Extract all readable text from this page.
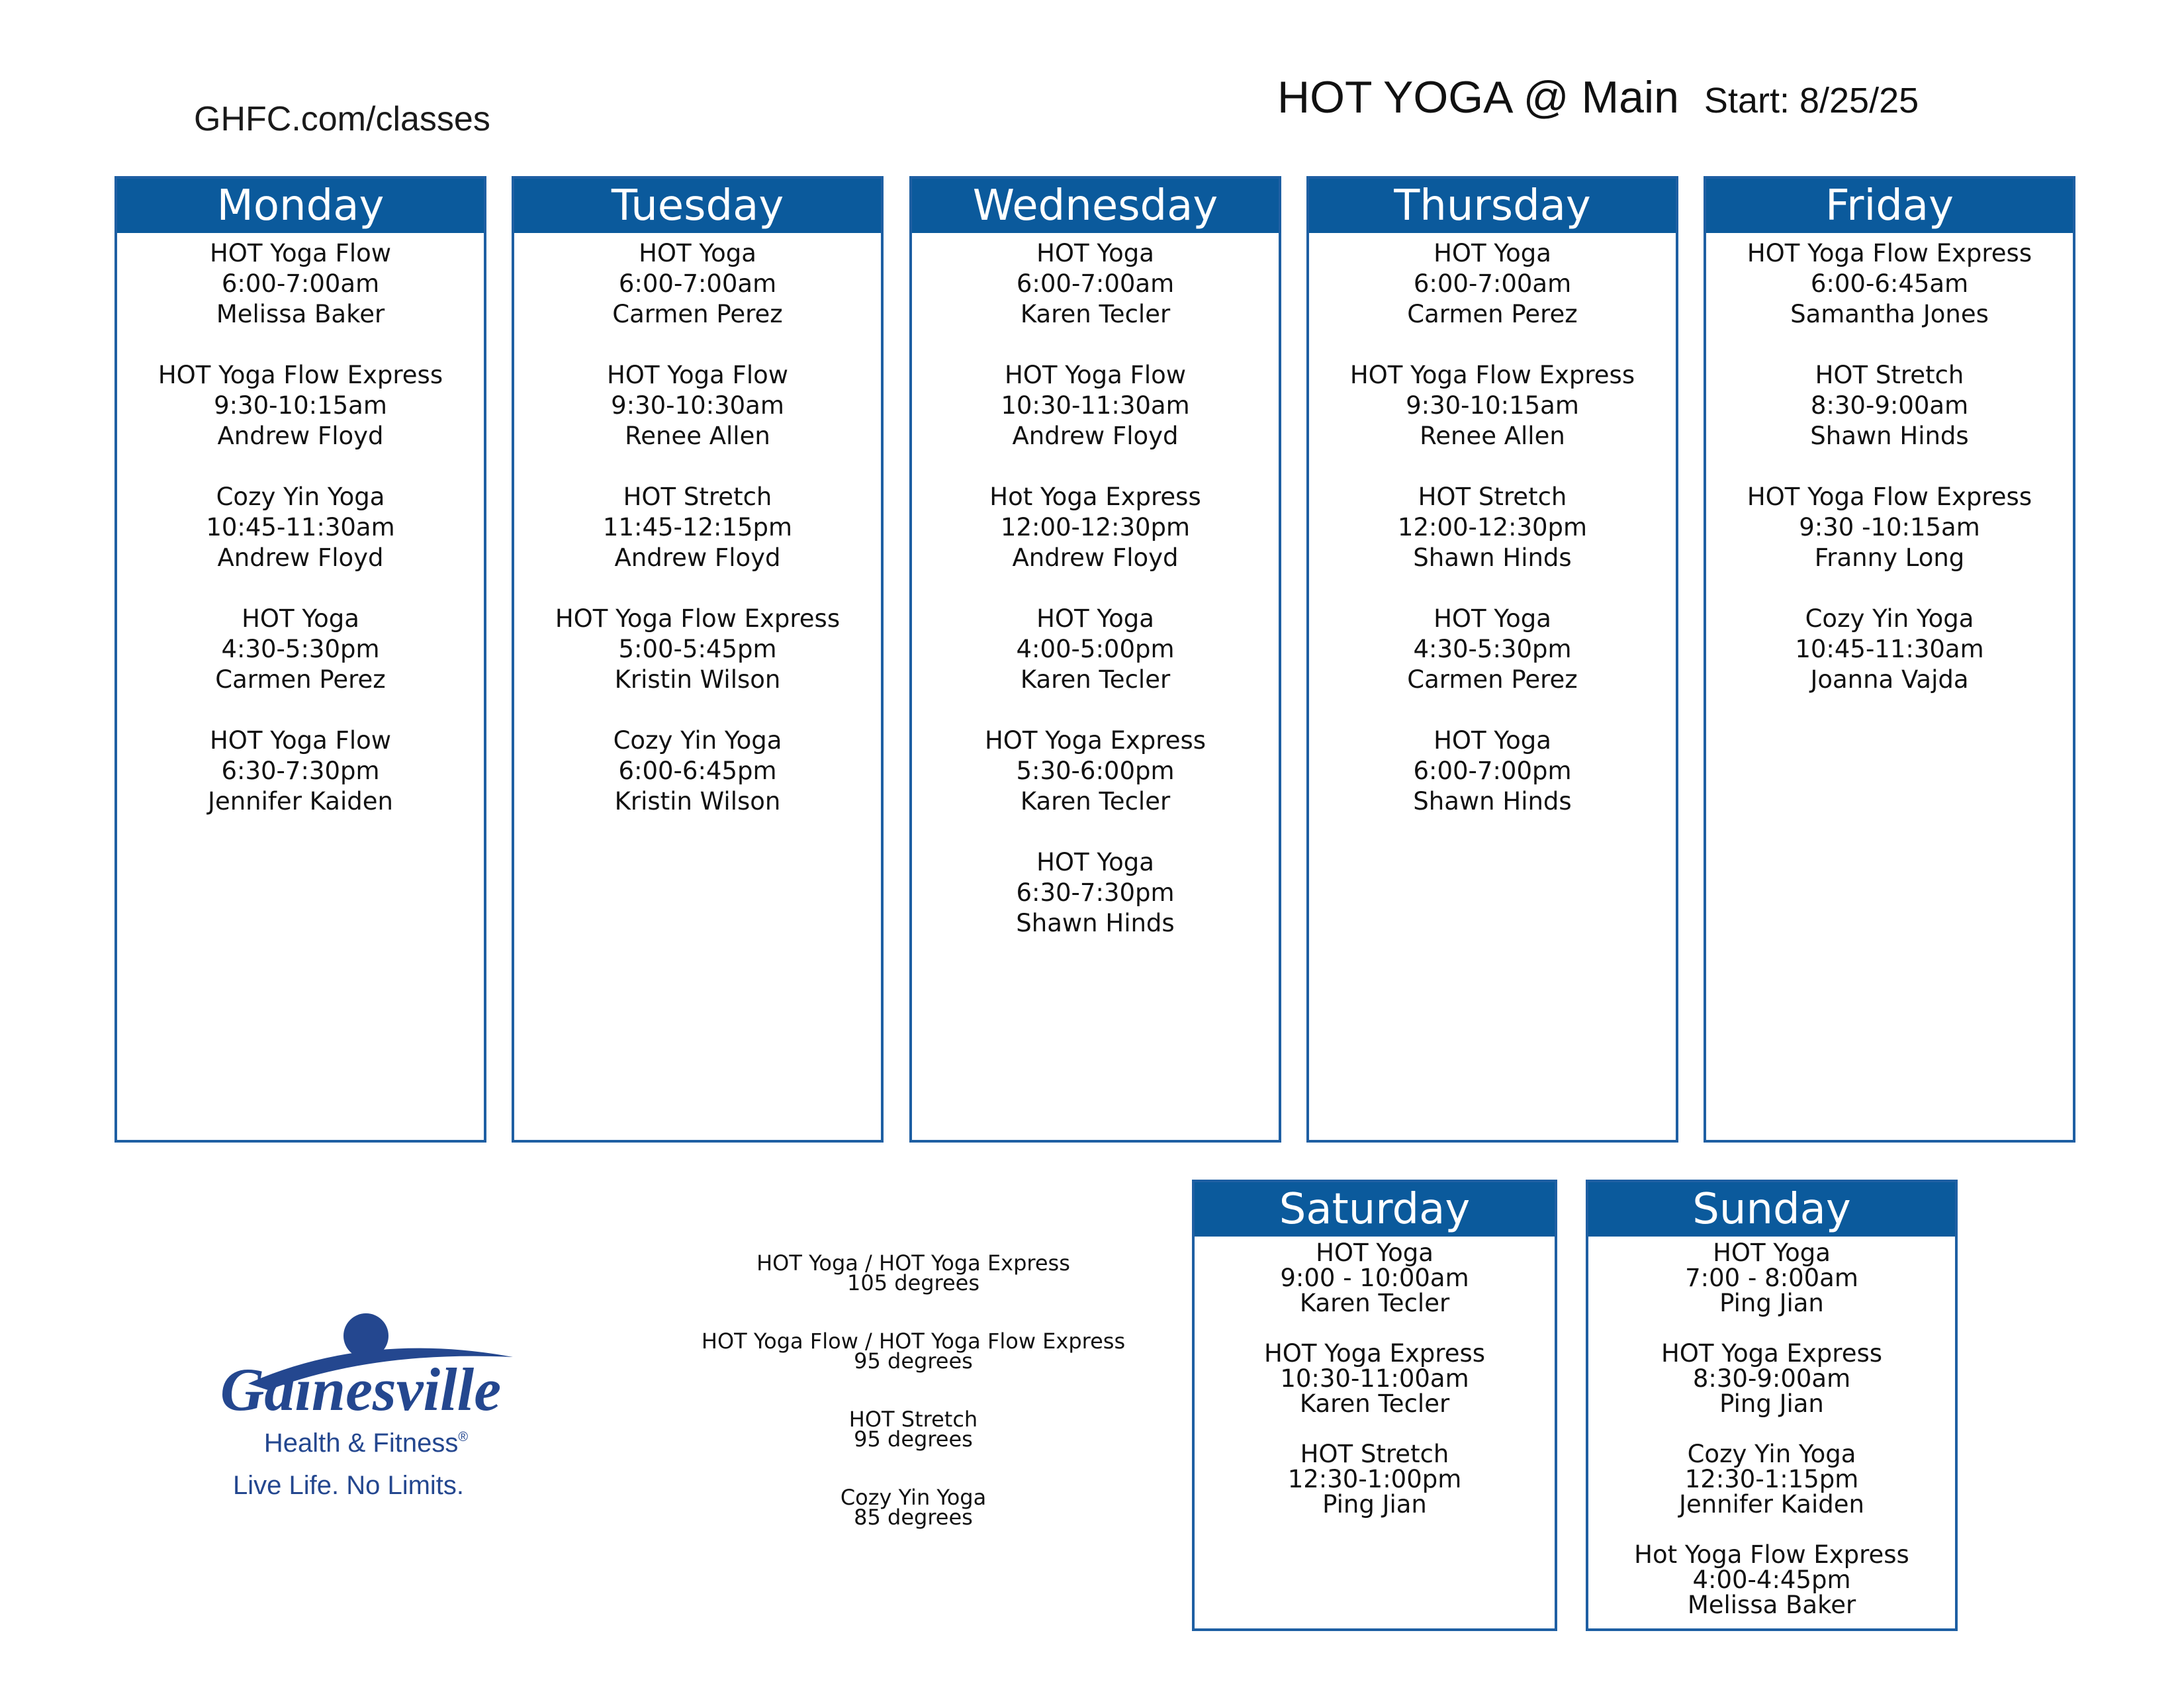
GHFC.com/classes	HOT YOGA @ Main Start: 8/25/25
Monday
HOT Yoga Flow
6:00-7:00am
Melissa Baker
HOT Yoga Flow Express
9:30-10:15am
Andrew Floyd
Cozy Yin Yoga
10:45-11:30am
Andrew Floyd
HOT Yoga
4:30-5:30pm
Carmen Perez
HOT Yoga Flow
6:30-7:30pm
Jennifer Kaiden
Tuesday
HOT Yoga
6:00-7:00am
Carmen Perez
HOT Yoga Flow
9:30-10:30am
Renee Allen
HOT Stretch
11:45-12:15pm
Andrew Floyd
HOT Yoga Flow Express
5:00-5:45pm
Kristin Wilson
Cozy Yin Yoga
6:00-6:45pm
Kristin Wilson
Wednesday
HOT Yoga
6:00-7:00am
Karen Tecler
HOT Yoga Flow
10:30-11:30am
Andrew Floyd
Hot Yoga Express
12:00-12:30pm
Andrew Floyd
HOT Yoga
4:00-5:00pm
Karen Tecler
HOT Yoga Express
5:30-6:00pm
Karen Tecler
HOT Yoga
6:30-7:30pm
Shawn Hinds
Thursday
HOT Yoga
6:00-7:00am
Carmen Perez
HOT Yoga Flow Express
9:30-10:15am
Renee Allen
HOT Stretch
12:00-12:30pm
Shawn Hinds
HOT Yoga
4:30-5:30pm
Carmen Perez
HOT Yoga
6:00-7:00pm
Shawn Hinds
Friday
HOT Yoga Flow Express
6:00-6:45am
Samantha Jones
HOT Stretch
8:30-9:00am
Shawn Hinds
HOT Yoga Flow Express
9:30 -10:15am
Franny Long
Cozy Yin Yoga
10:45-11:30am
Joanna Vajda
Saturday
HOT Yoga
9:00 - 10:00am
Karen Tecler
HOT Yoga Express
10:30-11:00am
Karen Tecler
HOT Stretch
12:30-1:00pm
Ping Jian
Sunday
HOT Yoga
7:00 - 8:00am
Ping Jian
HOT Yoga Express
8:30-9:00am
Ping Jian
Cozy Yin Yoga
12:30-1:15pm
Jennifer Kaiden
Hot Yoga Flow Express
4:00-4:45pm
Melissa Baker
HOT Yoga / HOT Yoga Express
105 degrees
HOT Yoga Flow / HOT Yoga Flow Express
95 degrees
HOT Stretch
95 degrees
Cozy Yin Yoga
85 degrees
Gainesville
Health & Fitness®
Live Life. No Limits.
